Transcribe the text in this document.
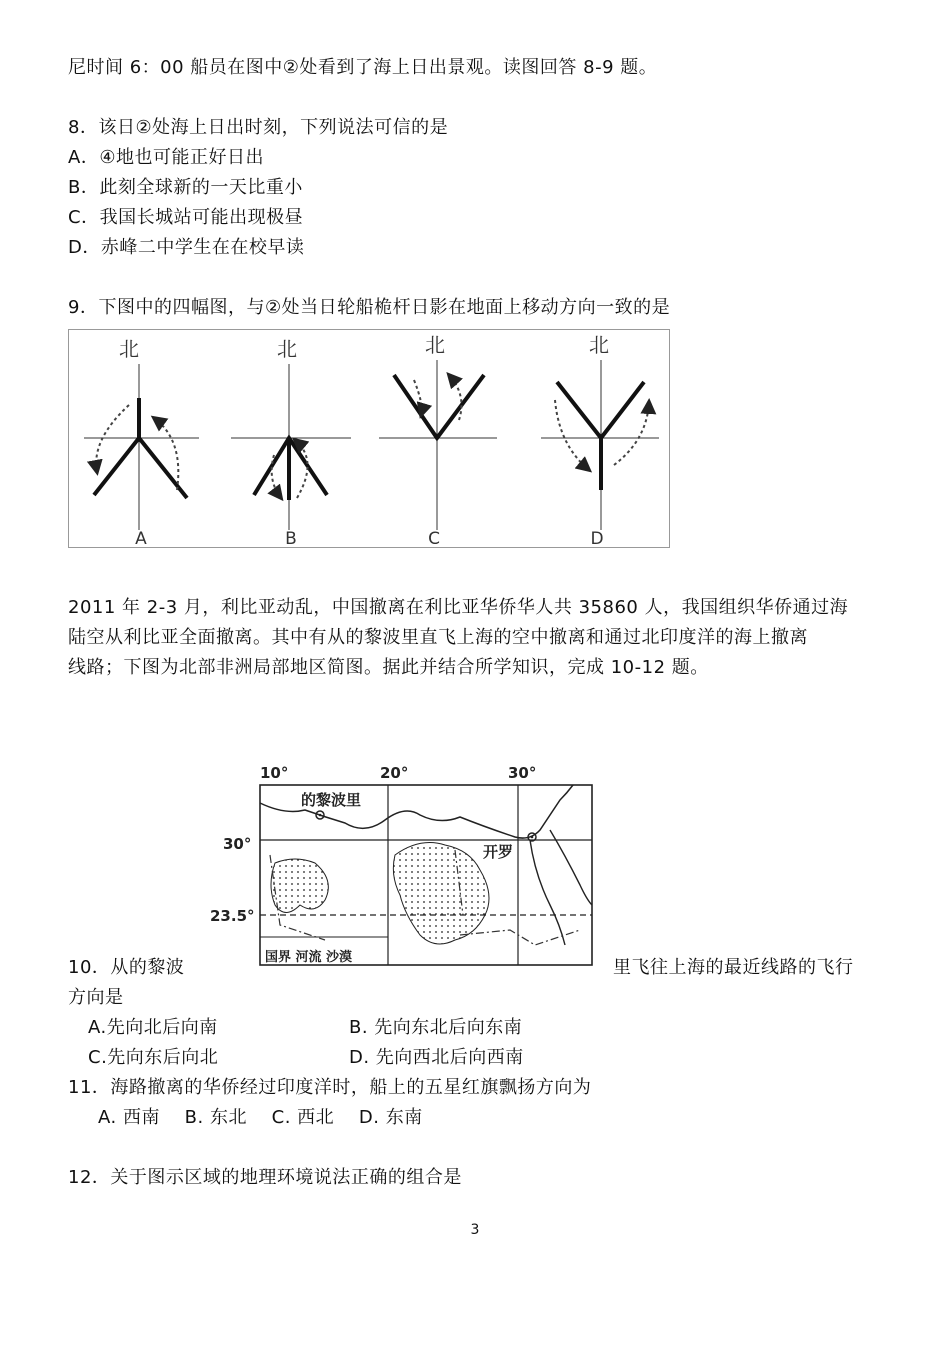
尼时间 6：00 船员在图中②处看到了海上日出景观。读图回答 8-9 题。
8．该日②处海上日出时刻，下列说法可信的是
A．④地也可能正好日出
B．此刻全球新的一天比重小
C．我国长城站可能出现极昼
D．赤峰二中学生在在校早读
9．下图中的四幅图，与②处当日轮船桅杆日影在地面上移动方向一致的是
北
A
北
B
北
C
北
D
2011 年 2-3 月，利比亚动乱，中国撤离在利比亚华侨华人共 35860 人，我国组织华侨通过海
陆空从利比亚全面撤离。其中有从的黎波里直飞上海的空中撤离和通过北印度洋的海上撤离
线路；下图为北部非洲局部地区简图。据此并结合所学知识，完成 10-12 题。
10°	20°	30°
30°
23.5°
的黎波里
开罗
国界 河流 沙漠
10．从的黎波	里飞往上海的最近线路的飞行
方向是
A.先向北后向南	B. 先向东北后向东南
C.先向东后向北	D. 先向西北后向西南
11．海路撤离的华侨经过印度洋时，船上的五星红旗飘扬方向为
A. 西南　 B. 东北　 C. 西北　 D. 东南
12．关于图示区域的地理环境说法正确的组合是
3
